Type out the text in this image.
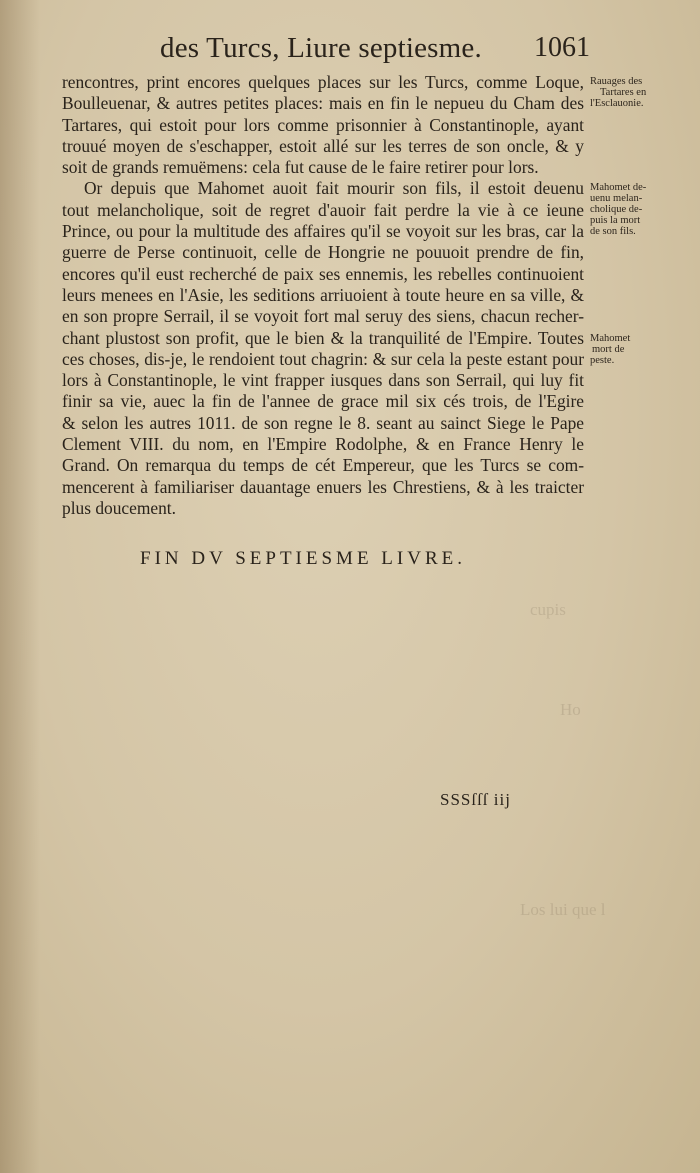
cupis
Ho
Los lui que l
des Turcs, Liure septiesme. 1061
rencontres, print encores quelques places sur les Turcs, comme Loque,
Boulleuenar, & autres petites places: mais en fin le nepueu du Cham des
Tartares, qui estoit pour lors comme prisonnier à Constantinople, ayant
trouué moyen de s'eschapper, estoit allé sur les terres de son oncle, & y
soit de grands remuëmens: cela fut cause de le faire retirer pour lors.
Or depuis que Mahomet auoit fait mourir son fils, il estoit deuenu
tout melancholique, soit de regret d'auoir fait perdre la vie à ce ieune
Prince, ou pour la multitude des affaires qu'il se voyoit sur les bras, car la
guerre de Perse continuoit, celle de Hongrie ne pouuoit prendre de fin,
encores qu'il eust recherché de paix ses ennemis, les rebelles continuoient
leurs menees en l'Asie, les seditions arriuoient à toute heure en sa ville, &
en son propre Serrail, il se voyoit fort mal seruy des siens, chacun recher-
chant plustost son profit, que le bien & la tranquilité de l'Empire. Toutes
ces choses, dis-je, le rendoient tout chagrin: & sur cela la peste estant pour
lors à Constantinople, le vint frapper iusques dans son Serrail, qui luy fit
finir sa vie, auec la fin de l'annee de grace mil six cés trois, de l'Egire
& selon les autres 1011. de son regne le 8. seant au sainct Siege le Pape
Clement VIII. du nom, en l'Empire Rodolphe, & en France Henry le
Grand. On remarqua du temps de cét Empereur, que les Turcs se com-
mencerent à familiariser dauantage enuers les Chrestiens, & à les traicter
plus doucement.
Rauages des
Tartares en
l'Esclauonie.
Mahomet de-
uenu melan-
cholique de-
puis la mort
de son fils.
Mahomet
mort de
peste.
FIN DV SEPTIESME LIVRE.
SSSſſſ iij
